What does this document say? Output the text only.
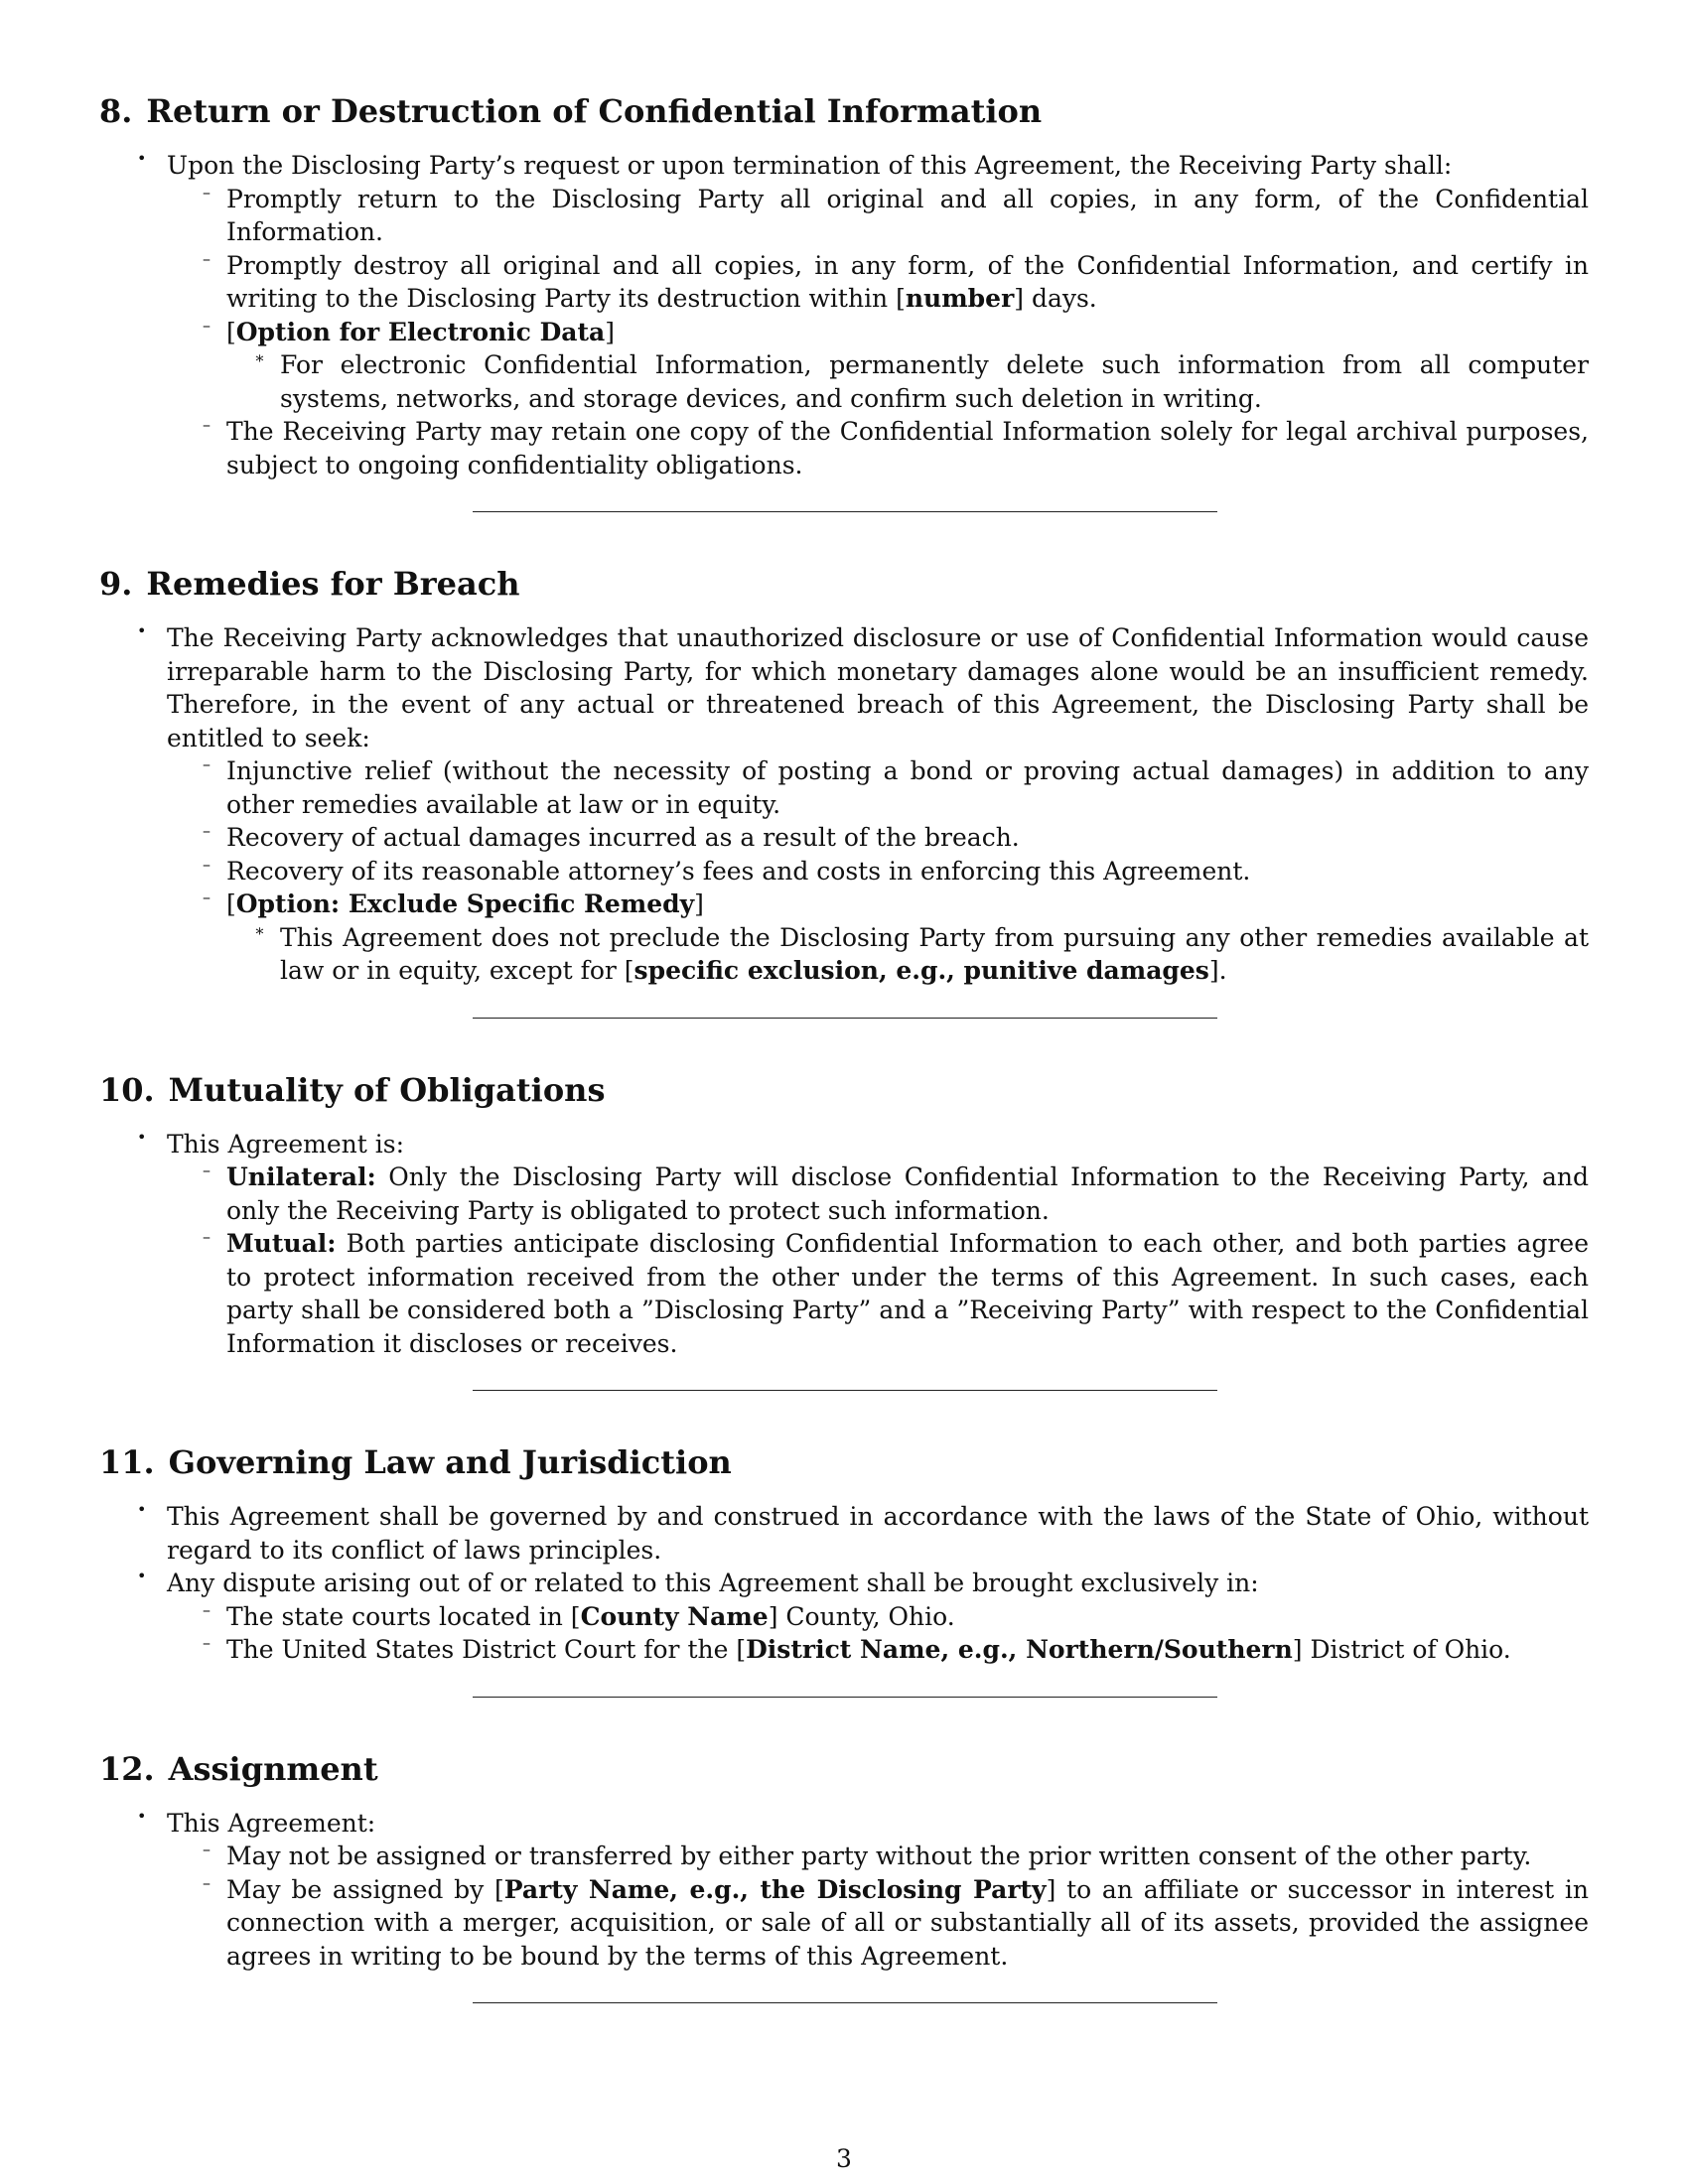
8. Return or Destruction of Confidential Information
• Upon the Disclosing Party’s request or upon termination of this Agreement, the Receiving Party shall:
– Promptly return to the Disclosing Party all original and all copies, in any form, of the Confidential Information.
– Promptly destroy all original and all copies, in any form, of the Confidential Information, and certify in writing to the Disclosing Party its destruction within [number] days.
– [Option for Electronic Data]
∗ For electronic Confidential Information, permanently delete such information from all computer systems, networks, and storage devices, and confirm such deletion in writing.
– The Receiving Party may retain one copy of the Confidential Information solely for legal archival purposes, subject to ongoing confidentiality obligations.
9. Remedies for Breach
• The Receiving Party acknowledges that unauthorized disclosure or use of Confidential Information would cause irreparable harm to the Disclosing Party, for which monetary damages alone would be an insufficient remedy. Therefore, in the event of any actual or threatened breach of this Agreement, the Disclosing Party shall be entitled to seek:
– Injunctive relief (without the necessity of posting a bond or proving actual damages) in addition to any other remedies available at law or in equity.
– Recovery of actual damages incurred as a result of the breach.
– Recovery of its reasonable attorney’s fees and costs in enforcing this Agreement.
– [Option: Exclude Specific Remedy]
∗ This Agreement does not preclude the Disclosing Party from pursuing any other remedies available at law or in equity, except for [specific exclusion, e.g., punitive damages].
10. Mutuality of Obligations
• This Agreement is:
– Unilateral: Only the Disclosing Party will disclose Confidential Information to the Receiving Party, and only the Receiving Party is obligated to protect such information.
– Mutual: Both parties anticipate disclosing Confidential Information to each other, and both parties agree to protect information received from the other under the terms of this Agreement. In such cases, each party shall be considered both a ”Disclosing Party” and a ”Receiving Party” with respect to the Confidential Information it discloses or receives.
11. Governing Law and Jurisdiction
• This Agreement shall be governed by and construed in accordance with the laws of the State of Ohio, without regard to its conflict of laws principles.
• Any dispute arising out of or related to this Agreement shall be brought exclusively in:
– The state courts located in [County Name] County, Ohio.
– The United States District Court for the [District Name, e.g., Northern/Southern] District of Ohio.
12. Assignment
• This Agreement:
– May not be assigned or transferred by either party without the prior written consent of the other party.
– May be assigned by [Party Name, e.g., the Disclosing Party] to an affiliate or successor in interest in connection with a merger, acquisition, or sale of all or substantially all of its assets, provided the assignee agrees in writing to be bound by the terms of this Agreement.
3
